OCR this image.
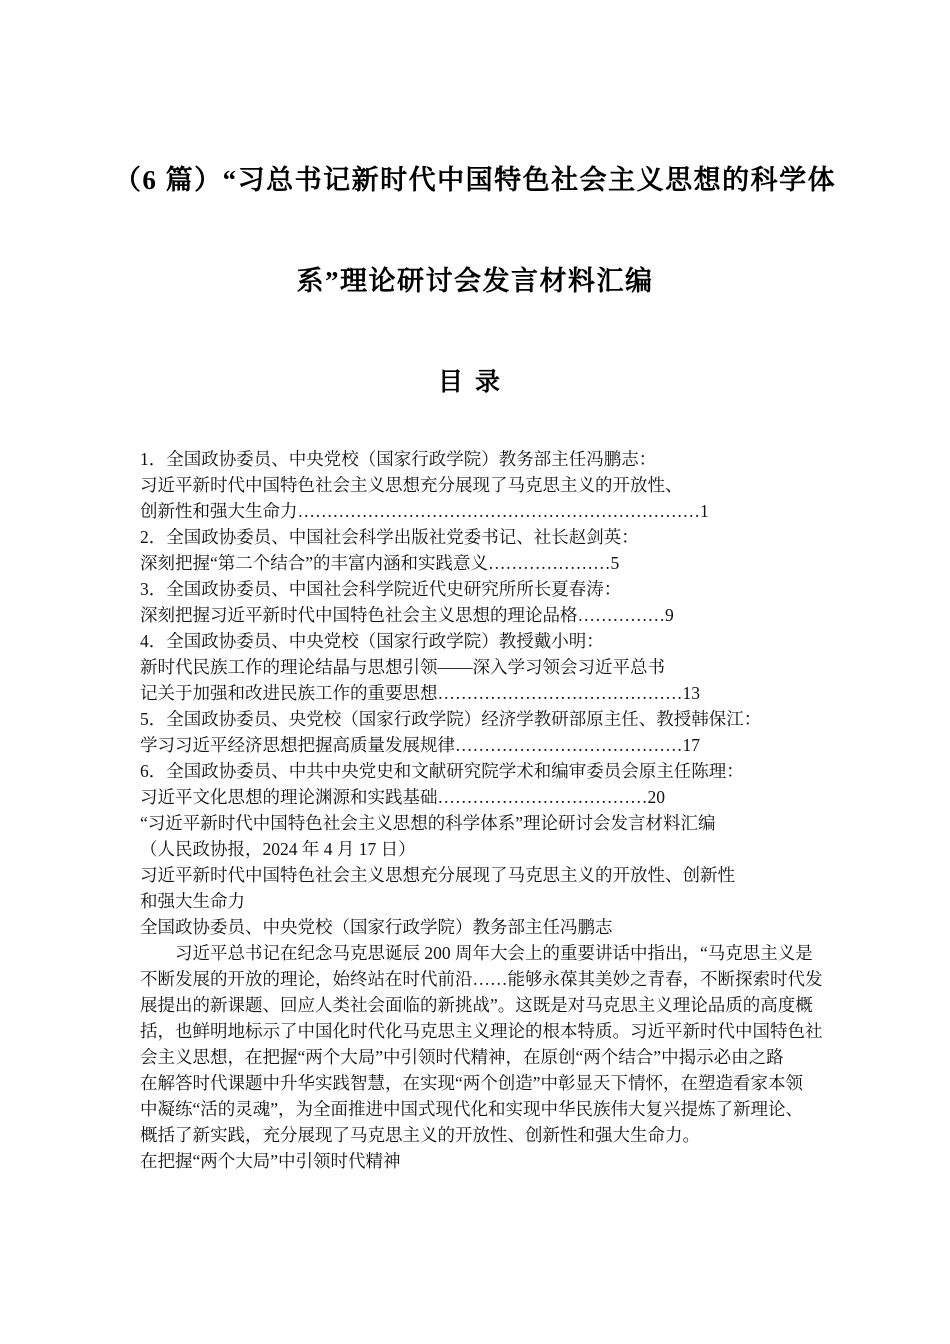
（6 篇）“习总书记新时代中国特色社会主义思想的科学体
系”理论研讨会发言材料汇编
目录
1．全国政协委员、中央党校（国家行政学院）教务部主任冯鹏志：
习近平新时代中国特色社会主义思想充分展现了马克思主义的开放性、
创新性和强大生命力……………………………………………………………1
2．全国政协委员、中国社会科学出版社党委书记、社长赵剑英：
深刻把握“第二个结合”的丰富内涵和实践意义…………………5
3．全国政协委员、中国社会科学院近代史研究所所长夏春涛：
深刻把握习近平新时代中国特色社会主义思想的理论品格……………9
4．全国政协委员、中央党校（国家行政学院）教授戴小明：
新时代民族工作的理论结晶与思想引领——深入学习领会习近平总书
记关于加强和改进民族工作的重要思想……………………………………13
5．全国政协委员、央党校（国家行政学院）经济学教研部原主任、教授韩保江：
学习习近平经济思想把握高质量发展规律…………………………………17
6．全国政协委员、中共中央党史和文献研究院学术和编审委员会原主任陈理：
习近平文化思想的理论渊源和实践基础………………………………20
“习近平新时代中国特色社会主义思想的科学体系”理论研讨会发言材料汇编
（人民政协报，2024 年 4 月 17 日）
习近平新时代中国特色社会主义思想充分展现了马克思主义的开放性、创新性
和强大生命力
全国政协委员、中央党校（国家行政学院）教务部主任冯鹏志
　　习近平总书记在纪念马克思诞辰 200 周年大会上的重要讲话中指出，“马克思主义是
不断发展的开放的理论，始终站在时代前沿……能够永葆其美妙之青春，不断探索时代发
展提出的新课题、回应人类社会面临的新挑战”。这既是对马克思主义理论品质的高度概
括，也鲜明地标示了中国化时代化马克思主义理论的根本特质。习近平新时代中国特色社
会主义思想，在把握“两个大局”中引领时代精神，在原创“两个结合”中揭示必由之路
在解答时代课题中升华实践智慧，在实现“两个创造”中彰显天下情怀，在塑造看家本领
中凝练“活的灵魂”，为全面推进中国式现代化和实现中华民族伟大复兴提炼了新理论、
概括了新实践，充分展现了马克思主义的开放性、创新性和强大生命力。
在把握“两个大局”中引领时代精神
